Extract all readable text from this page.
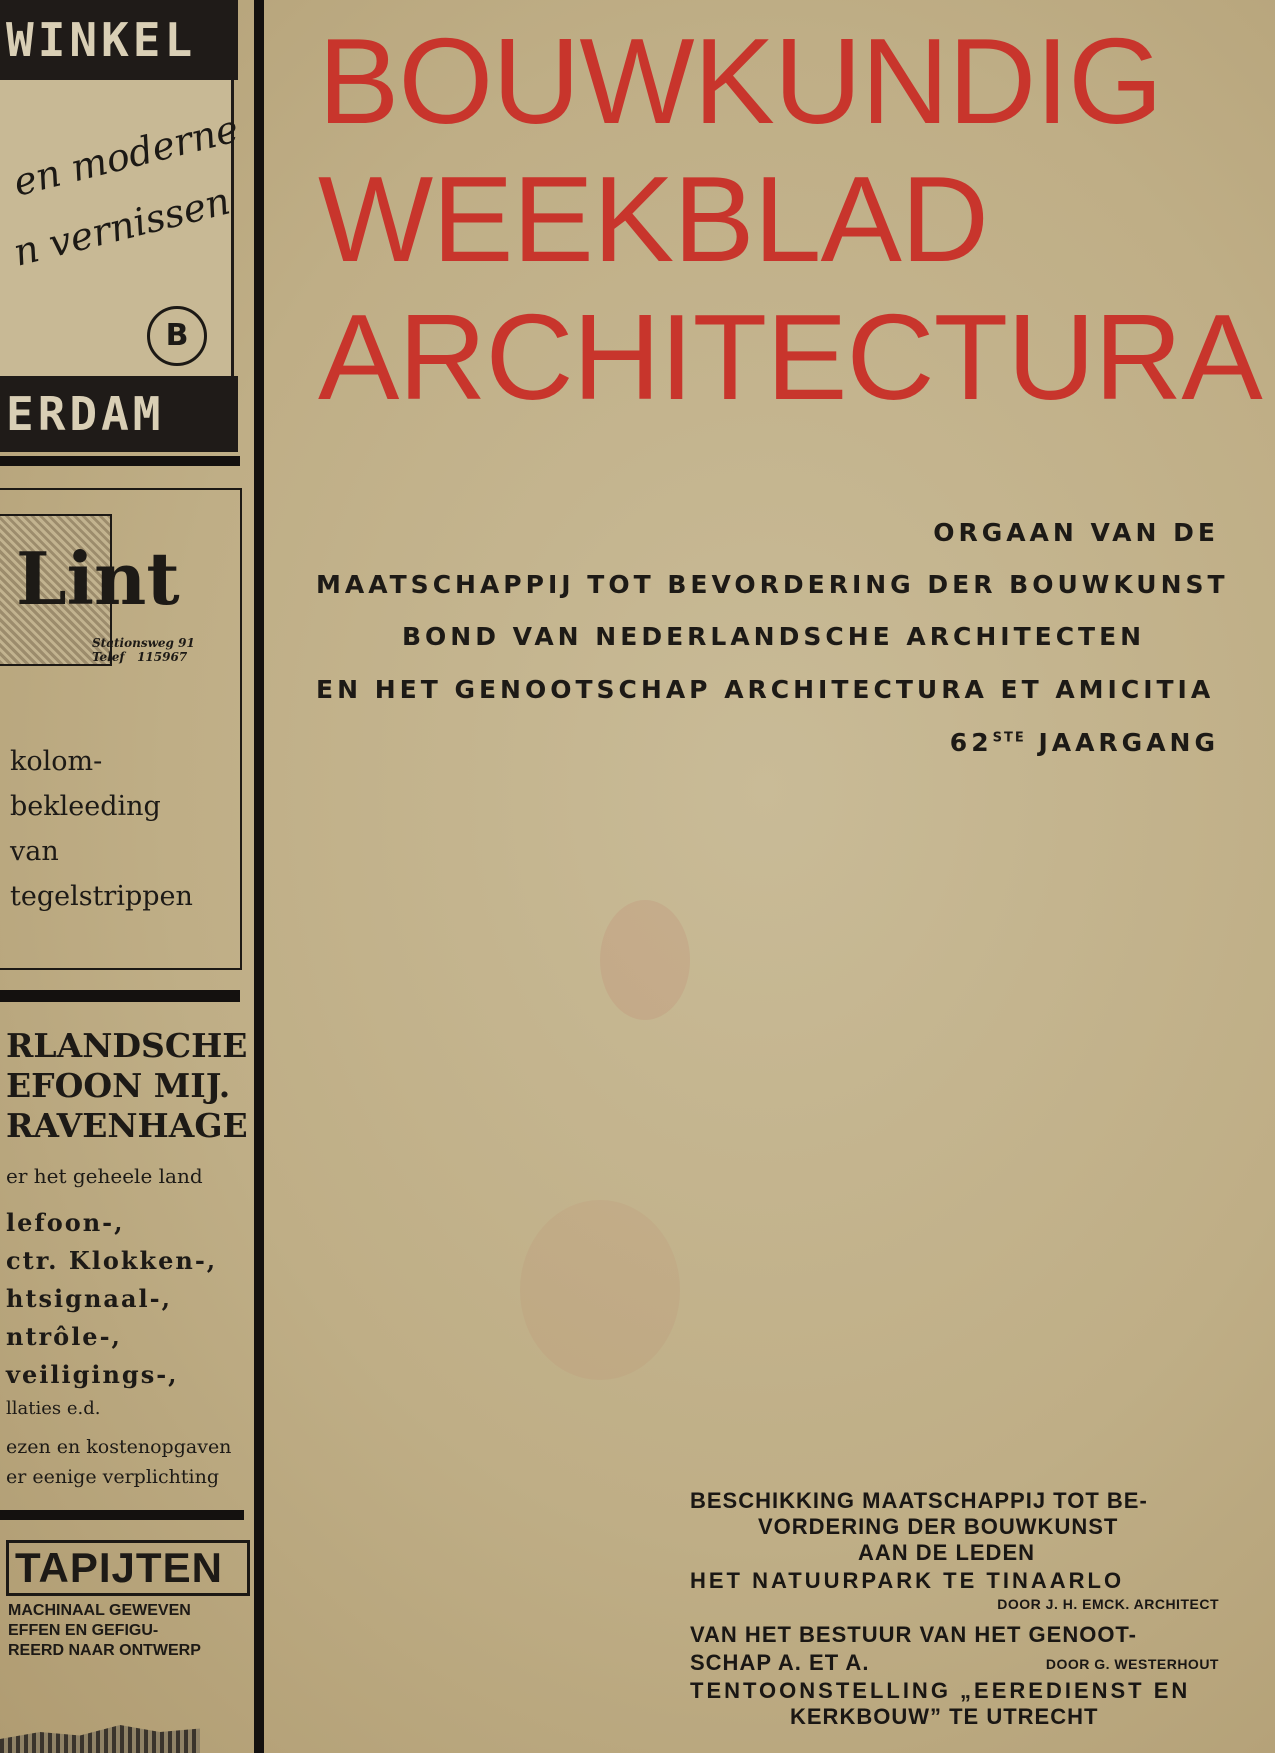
WINKEL
en moderne
n vernissen
B
ERDAM
Lint
Stationsweg 91
Telef   115967
kolom-
bekleeding
van
tegelstrippen
RLANDSCHE
EFOON MIJ.
RAVENHAGE
er het geheele land
lefoon-,
ctr. Klokken-,
htsignaal-,
ntrôle-,
veiligings-,
llaties e.d.
ezen en kostenopgaven
er eenige verplichting
TAPIJTEN
MACHINAAL GEWEVEN
EFFEN EN GEFIGU-
REERD NAAR ONTWERP
BOUWKUNDIG
WEEKBLAD
ARCHITECTURA
ORGAAN VAN DE
MAATSCHAPPIJ TOT BEVORDERING DER BOUWKUNST
BOND VAN NEDERLANDSCHE ARCHITECTEN
EN HET GENOOTSCHAP ARCHITECTURA ET AMICITIA
62STE JAARGANG
BESCHIKKING MAATSCHAPPIJ TOT BE-
VORDERING DER BOUWKUNST
AAN DE LEDEN
HET NATUURPARK TE TINAARLO
DOOR J. H. EMCK. ARCHITECT
VAN HET BESTUUR VAN HET GENOOT-
SCHAP A. ET A.	DOOR G. WESTERHOUT
TENTOONSTELLING „EEREDIENST EN
KERKBOUW” TE UTRECHT
